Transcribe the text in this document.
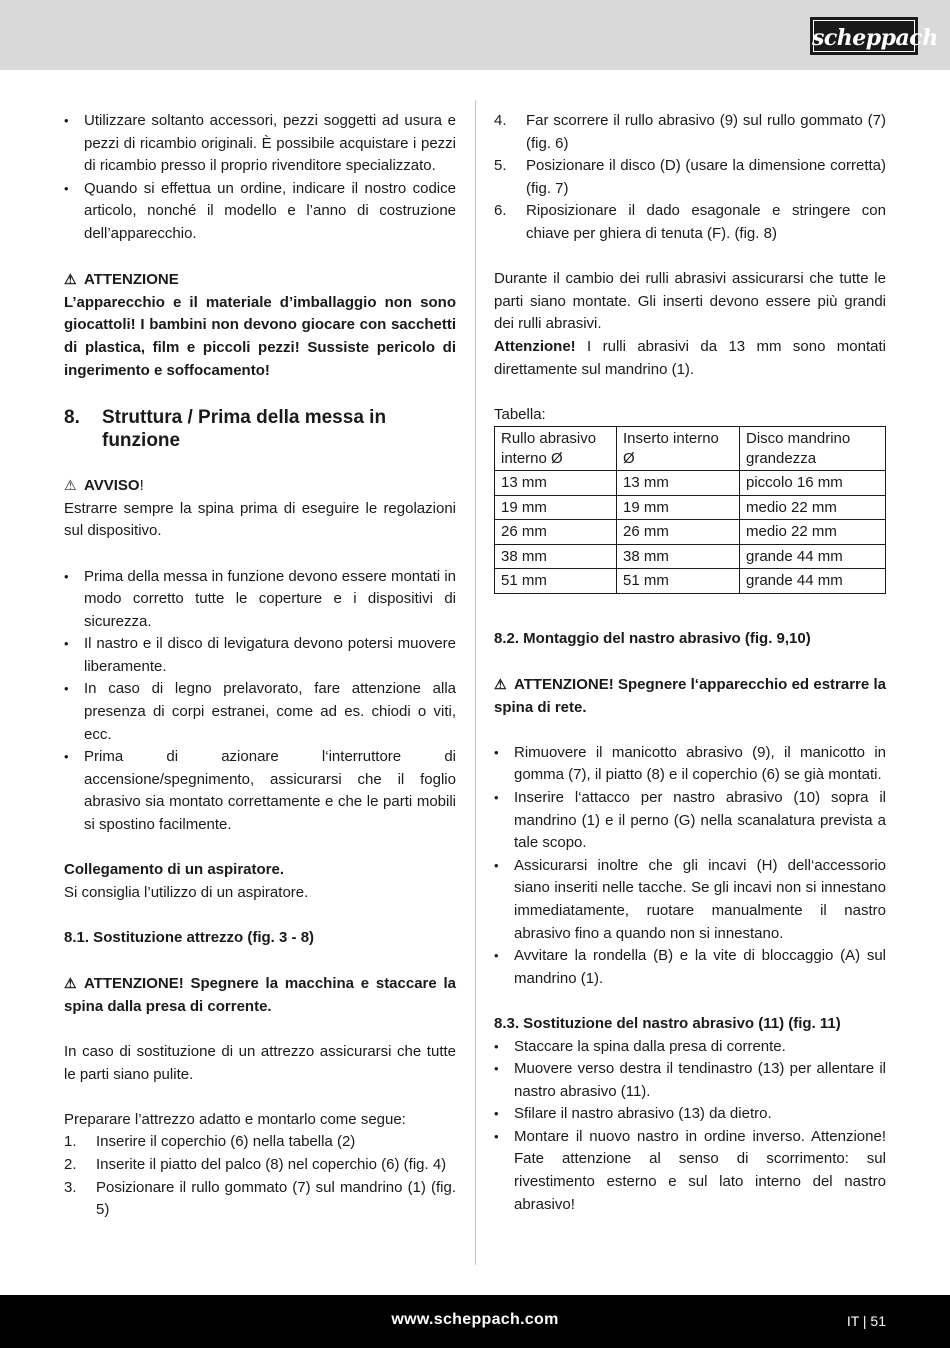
scheppach
• Utilizzare soltanto accessori, pezzi soggetti ad usura e pezzi di ricambio originali. È possibile acquistare i pezzi di ricambio presso il proprio rivenditore specializzato.
• Quando si effettua un ordine, indicare il nostro codice articolo, nonché il modello e l’anno di costruzione dell’apparecchio.
⚠ ATTENZIONE

L’apparecchio e il materiale d’imballaggio non sono giocattoli! I bambini non devono giocare con sacchetti di plastica, film e piccoli pezzi! Sussiste pericolo di ingerimento e soffocamento!

8.	Struttura / Prima della messa in funzione
⚠ AVVISO!

Estrarre sempre la spina prima di eseguire le regolazioni sul dispositivo.

• Prima della messa in funzione devono essere montati in modo corretto tutte le coperture e i dispositivi di sicurezza.
• Il nastro e il disco di levigatura devono potersi muovere liberamente.
• In caso di legno prelavorato, fare attenzione alla presenza di corpi estranei, come ad es. chiodi o viti, ecc.
• Prima di azionare l‘interruttore di accensione/spegnimento, assicurarsi che il foglio abrasivo sia montato correttamente e che le parti mobili si spostino facilmente.
Collegamento di un aspiratore.

Si consiglia l’utilizzo di un aspiratore.

8.1. Sostituzione attrezzo (fig. 3 - 8)

⚠ ATTENZIONE! Spegnere la macchina e staccare la spina dalla presa di corrente.

In caso di sostituzione di un attrezzo assicurarsi che tutte le parti siano pulite.

Preparare l’attrezzo adatto e montarlo come segue:

1. Inserire il coperchio (6) nella tabella (2)
2. Inserite il piatto del palco (8) nel coperchio (6) (fig. 4)
3. Posizionare il rullo gommato (7) sul mandrino (1) (fig. 5)
4. Far scorrere il rullo abrasivo (9) sul rullo gommato (7) (fig. 6)
5. Posizionare il disco (D) (usare la dimensione corretta) (fig. 7)
6. Riposizionare il dado esagonale e stringere con chiave per ghiera di tenuta (F). (fig. 8)

Durante il cambio dei rulli abrasivi assicurarsi che tutte le parti siano montate. Gli inserti devono essere più grandi dei rulli abrasivi.

Attenzione! I rulli abrasivi da 13 mm sono montati direttamente sul mandrino (1).

Tabella:
Rullo abrasivo interno Ø	Inserto interno Ø	Disco mandrino grandezza
13 mm	13 mm	piccolo 16 mm
19 mm	19 mm	medio 22 mm
26 mm	26 mm	medio 22 mm
38 mm	38 mm	grande 44 mm
51 mm	51 mm	grande 44 mm
8.2. Montaggio del nastro abrasivo (fig. 9,10)

⚠ ATTENZIONE! Spegnere l‘apparecchio ed estrarre la spina di rete.

• Rimuovere il manicotto abrasivo (9), il manicotto in gomma (7), il piatto (8) e il coperchio (6) se già montati.
• Inserire l‘attacco per nastro abrasivo (10) sopra il mandrino (1) e il perno (G) nella scanalatura prevista a tale scopo.
• Assicurarsi inoltre che gli incavi (H) dell‘accessorio siano inseriti nelle tacche. Se gli incavi non si innestano immediatamente, ruotare manualmente il nastro abrasivo fino a quando non si innestano.
• Avvitare la rondella (B) e la vite di bloccaggio (A) sul mandrino (1).
8.3. Sostituzione del nastro abrasivo (11) (fig. 11)
• Staccare la spina dalla presa di corrente.
• Muovere verso destra il tendinastro (13) per allentare il nastro abrasivo (11).
• Sfilare il nastro abrasivo (13) da dietro.
• Montare il nuovo nastro in ordine inverso. Attenzione! Fate attenzione al senso di scorrimento: sul rivestimento esterno e sul lato interno del nastro abrasivo!
www.scheppach.com	IT | 51
